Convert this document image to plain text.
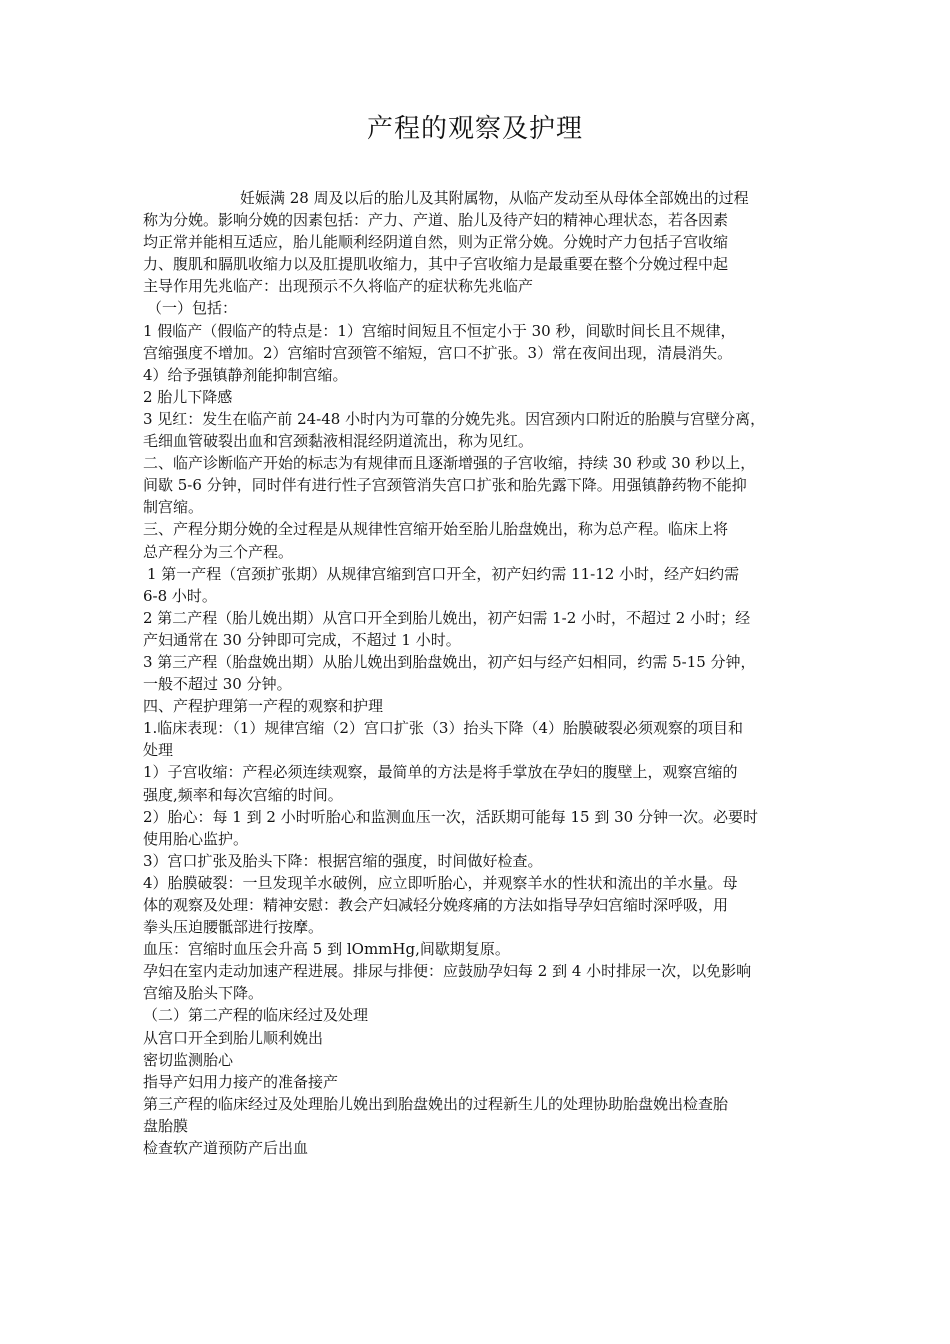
产程的观察及护理
妊娠满 28 周及以后的胎儿及其附属物，从临产发动至从母体全部娩出的过程
称为分娩。影响分娩的因素包括：产力、产道、胎儿及待产妇的精神心理状态，若各因素
均正常并能相互适应，胎儿能顺利经阴道自然，则为正常分娩。分娩时产力包括子宫收缩
力、腹肌和膈肌收缩力以及肛提肌收缩力，其中子宫收缩力是最重要在整个分娩过程中起
主导作用先兆临产：出现预示不久将临产的症状称先兆临产
（一）包括：
1 假临产（假临产的特点是：1）宫缩时间短且不恒定小于 30 秒，间歇时间长且不规律，
宫缩强度不增加。2）宫缩时宫颈管不缩短，宫口不扩张。3）常在夜间出现，清晨消失。
4）给予强镇静剂能抑制宫缩。
2 胎儿下降感
3 见红：发生在临产前 24-48 小时内为可靠的分娩先兆。因宫颈内口附近的胎膜与宫壁分离，
毛细血管破裂出血和宫颈黏液相混经阴道流出，称为见红。
二、临产诊断临产开始的标志为有规律而且逐渐增强的子宫收缩，持续 30 秒或 30 秒以上，
间歇 5-6 分钟，同时伴有进行性子宫颈管消失宫口扩张和胎先露下降。用强镇静药物不能抑
制宫缩。
三、产程分期分娩的全过程是从规律性宫缩开始至胎儿胎盘娩出，称为总产程。临床上将
总产程分为三个产程。
1 第一产程（宫颈扩张期）从规律宫缩到宫口开全，初产妇约需 11-12 小时，经产妇约需
6-8 小时。
2 第二产程（胎儿娩出期）从宫口开全到胎儿娩出，初产妇需 1-2 小时，不超过 2 小时；经
产妇通常在 30 分钟即可完成，不超过 1 小时。
3 第三产程（胎盘娩出期）从胎儿娩出到胎盘娩出，初产妇与经产妇相同，约需 5-15 分钟，
一般不超过 30 分钟。
四、产程护理第一产程的观察和护理
1.临床表现：（1）规律宫缩（2）宫口扩张（3）抬头下降（4）胎膜破裂必须观察的项目和
处理
1）子宫收缩：产程必须连续观察，最简单的方法是将手掌放在孕妇的腹壁上，观察宫缩的
强度,频率和每次宫缩的时间。
2）胎心：每 1 到 2 小时听胎心和监测血压一次，活跃期可能每 15 到 30 分钟一次。必要时
使用胎心监护。
3）宫口扩张及胎头下降：根据宫缩的强度，时间做好检查。
4）胎膜破裂：一旦发现羊水破例，应立即听胎心，并观察羊水的性状和流出的羊水量。母
体的观察及处理：精神安慰：教会产妇减轻分娩疼痛的方法如指导孕妇宫缩时深呼吸，用
拳头压迫腰骶部进行按摩。
血压：宫缩时血压会升高 5 到 lOmmHg,间歇期复原。
孕妇在室内走动加速产程进展。排尿与排便：应鼓励孕妇每 2 到 4 小时排尿一次，以免影响
宫缩及胎头下降。
（二）第二产程的临床经过及处理
从宫口开全到胎儿顺利娩出
密切监测胎心
指导产妇用力接产的准备接产
第三产程的临床经过及处理胎儿娩出到胎盘娩出的过程新生儿的处理协助胎盘娩出检查胎
盘胎膜
检查软产道预防产后出血
